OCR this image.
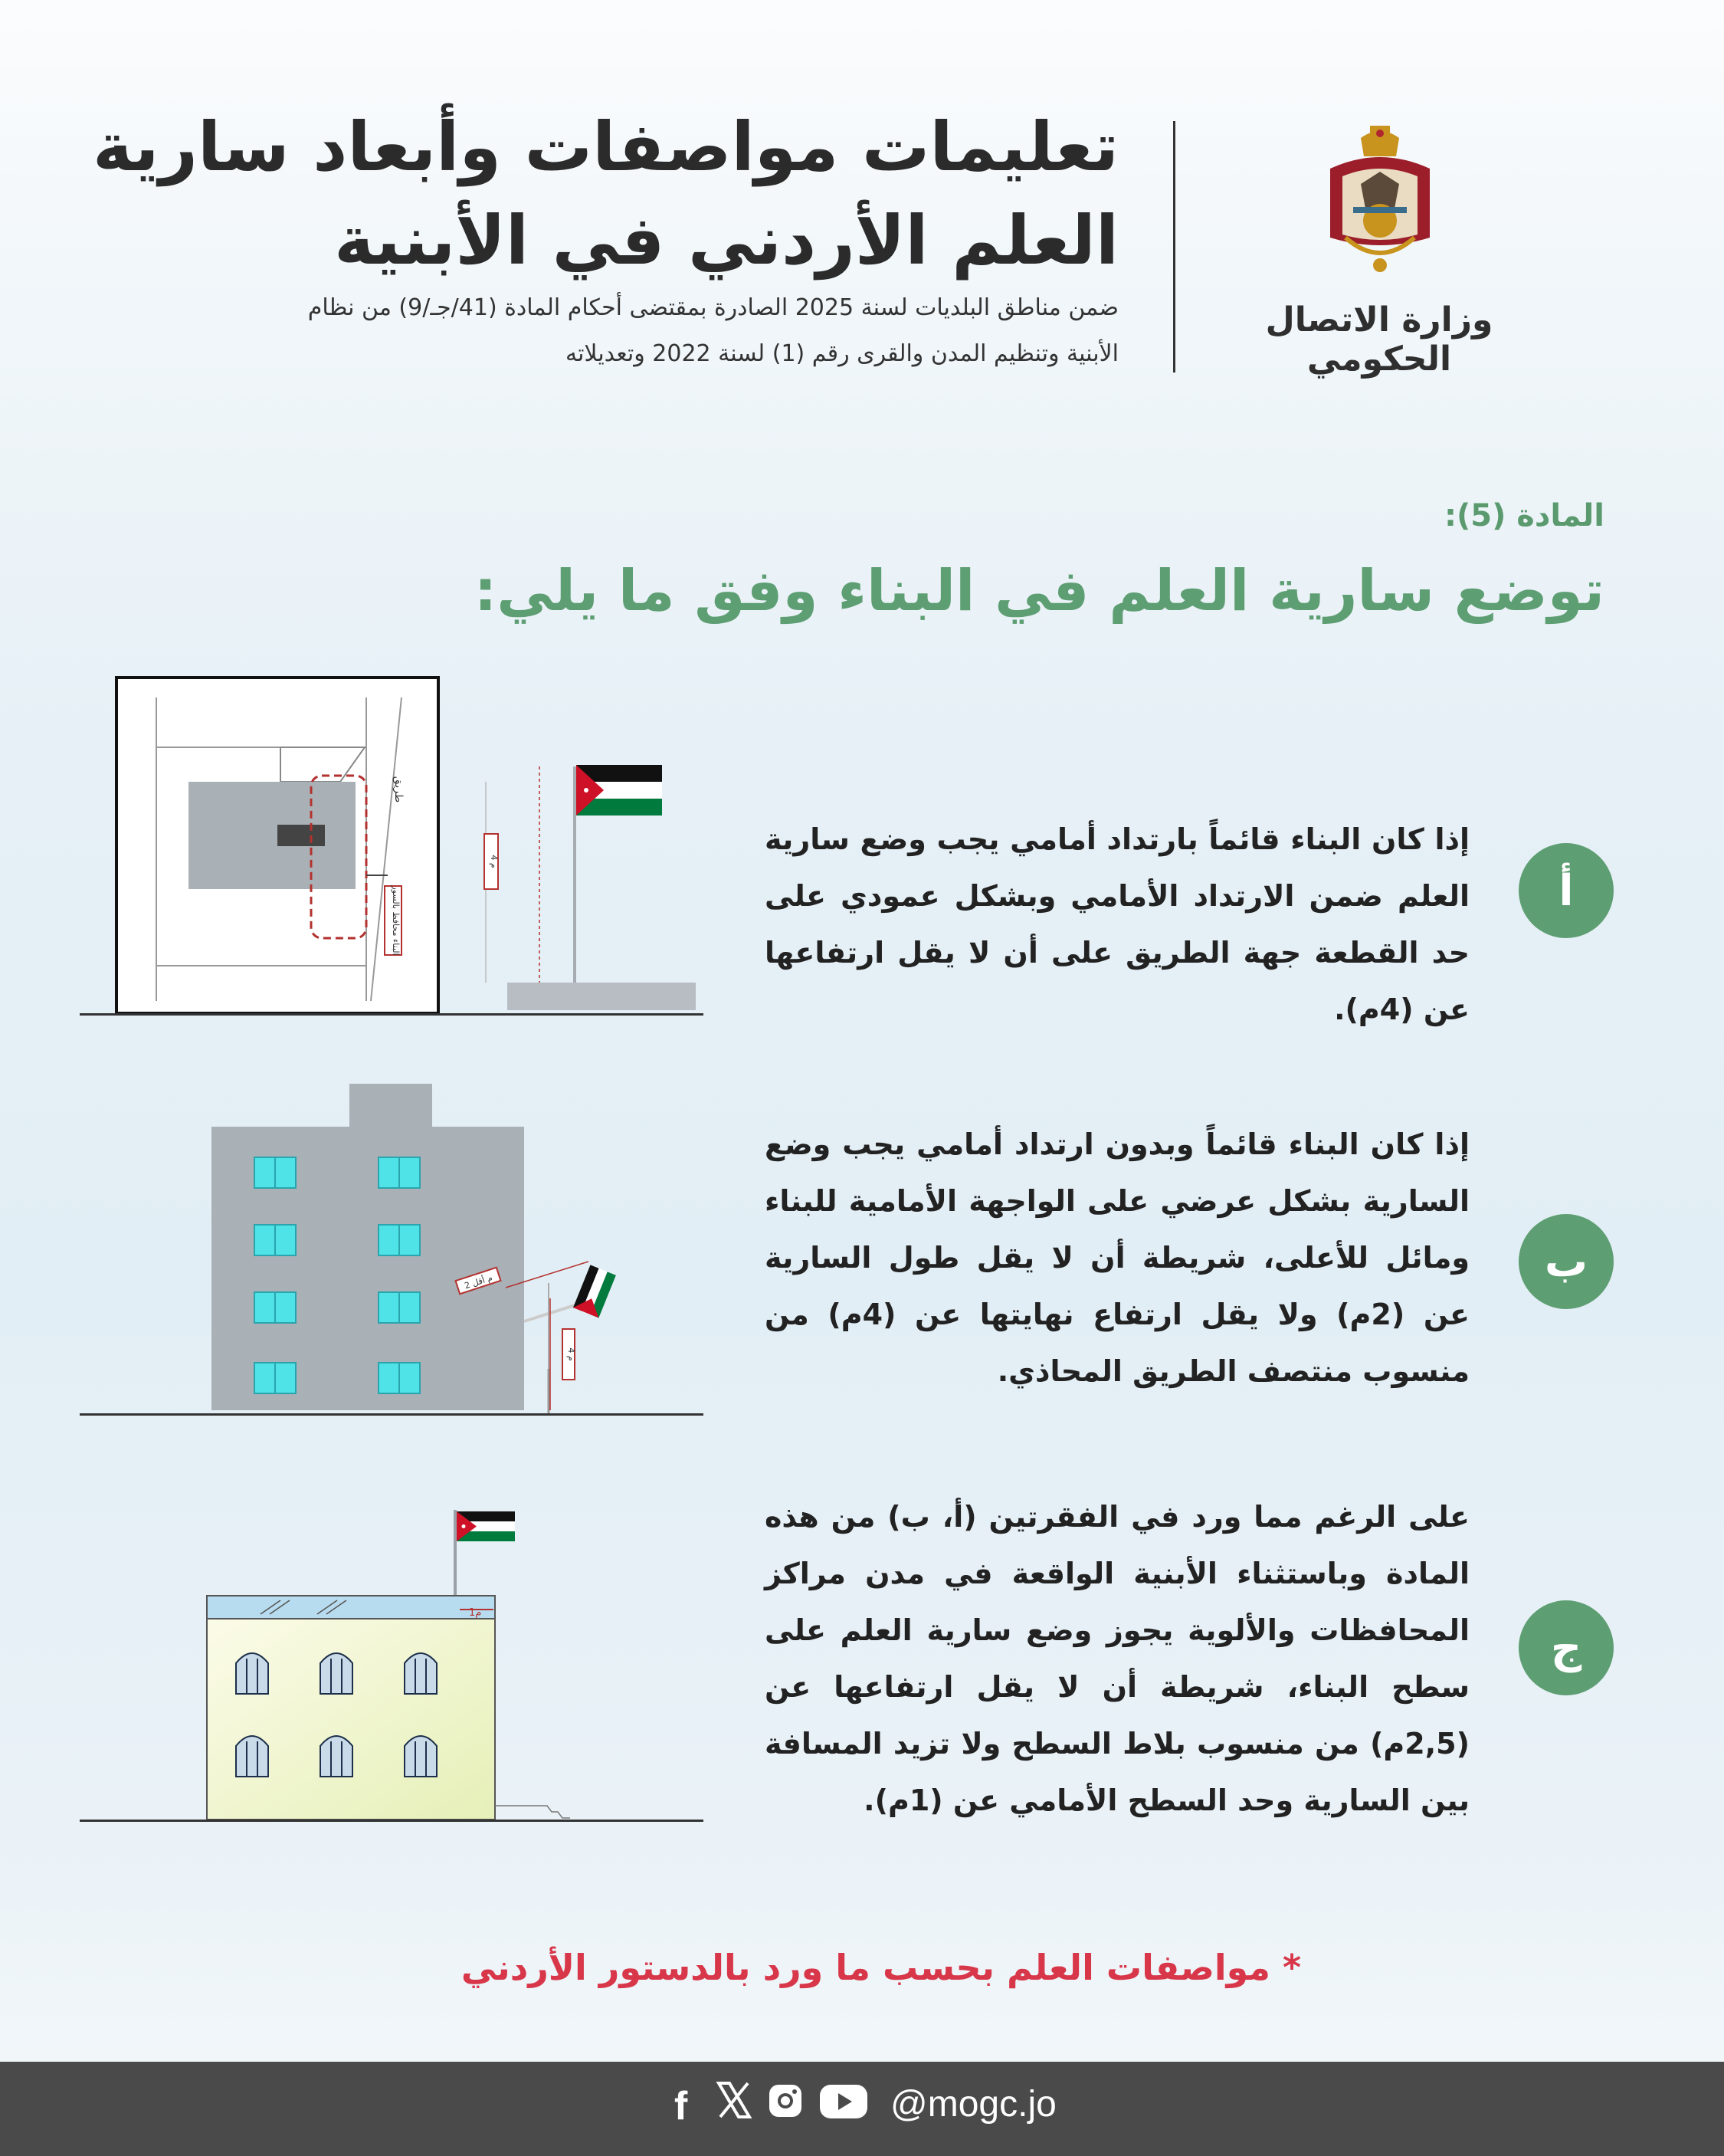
تعليمات مواصفات وأبعاد سارية
العلم الأردني في الأبنية
ضمن مناطق البلديات لسنة 2025 الصادرة بمقتضى أحكام المادة (41/جـ/9) من نظام
الأبنية وتنظيم المدن والقرى رقم (1) لسنة 2022 وتعديلاته
وزارة الاتصال الحكومي
المادة (5):
توضع سارية العلم في البناء وفق ما يلي:
إذا كان البناء قائماً بارتداد أمامي يجب وضع سارية العلم ضمن الارتداد الأمامي وبشكل عمودي على حد القطعة جهة الطريق على أن لا يقل ارتفاعها عن (4م).
أ
البناء محافظ بالسور
طريق
4 م
إذا كان البناء قائماً وبدون ارتداد أمامي يجب وضع السارية بشكل عرضي على الواجهة الأمامية للبناء ومائل للأعلى، شريطة أن لا يقل طول السارية عن (2م) ولا يقل ارتفاع نهايتها عن (4م) من منسوب منتصف الطريق المحاذي.
ب
2 م أقل
4 م
على الرغم مما ورد في الفقرتين (أ، ب) من هذه المادة وباستثناء الأبنية الواقعة في مدن مراكز المحافظات والألوية يجوز وضع سارية العلم على سطح البناء، شريطة أن لا يقل ارتفاعها عن (2,5م) من منسوب بلاط السطح ولا تزيد المسافة بين السارية وحد السطح الأمامي عن (1م).
ج
1م
* مواصفات العلم بحسب ما ورد بالدستور الأردني
f	@mogc.jo
